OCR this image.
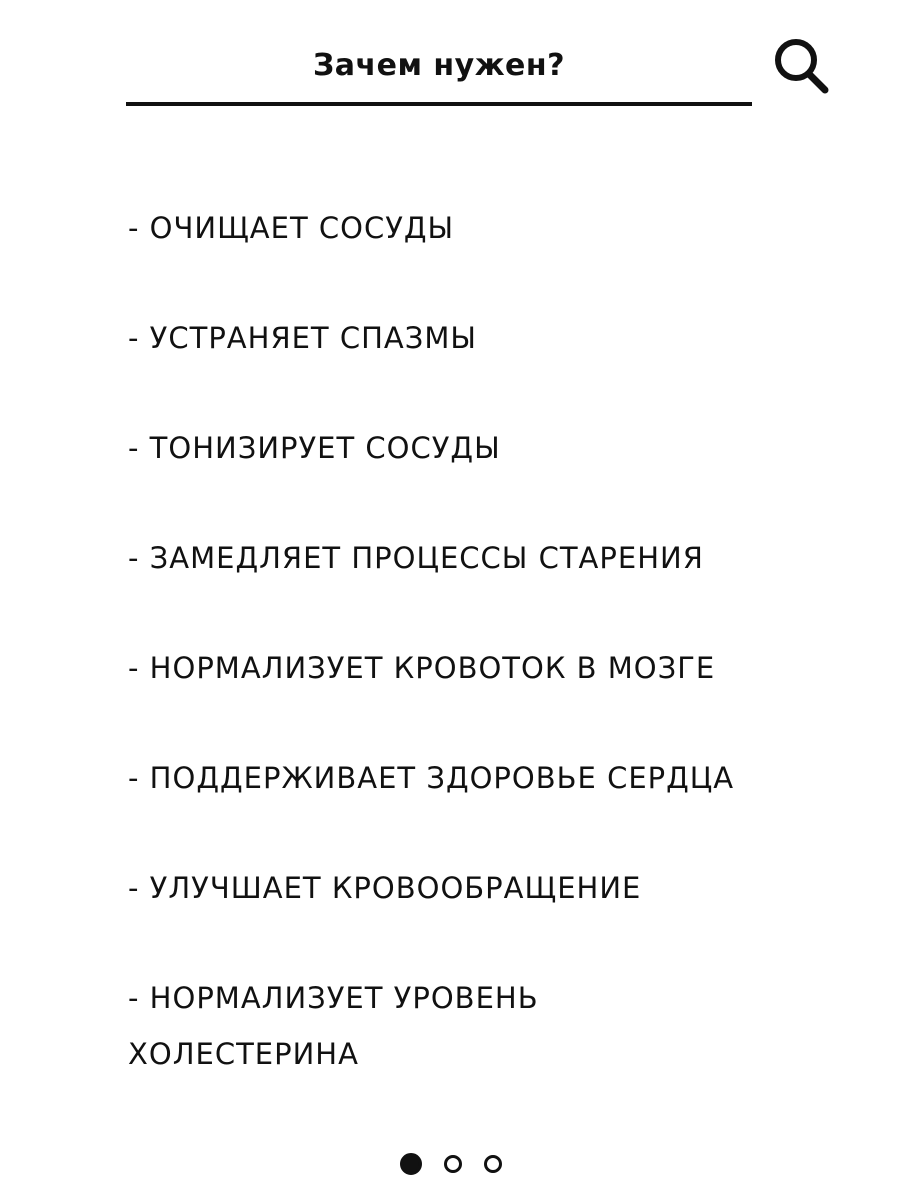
Зачем нужен?
- ОЧИЩАЕТ СОСУДЫ
- УСТРАНЯЕТ СПАЗМЫ
- ТОНИЗИРУЕТ СОСУДЫ
- ЗАМЕДЛЯЕТ ПРОЦЕССЫ СТАРЕНИЯ
- НОРМАЛИЗУЕТ КРОВОТОК В МОЗГЕ
- ПОДДЕРЖИВАЕТ ЗДОРОВЬЕ СЕРДЦА
- УЛУЧШАЕТ КРОВООБРАЩЕНИЕ
- НОРМАЛИЗУЕТ УРОВЕНЬ ХОЛЕСТЕРИНА
